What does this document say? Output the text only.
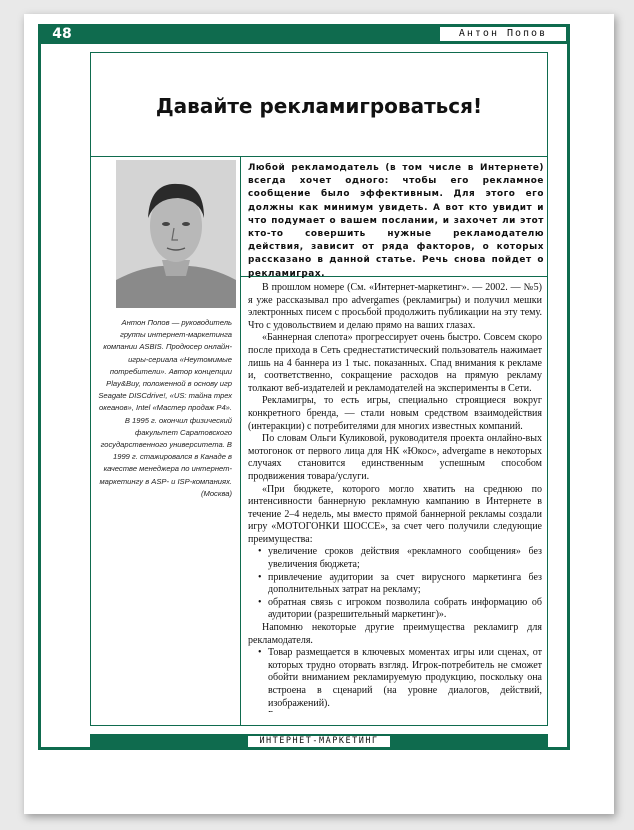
48	Антон Попов
Давайте рекламигроваться!
Антон Попов — руководитель группы интернет-маркетинга компании ASBIS. Продюсер онлайн-игры-сериала «Неутомимые потребители». Автор концепции Play&Buy, положенной в основу игр Seagate DISCdrive!, «US: тайна трех океанов», Intel «Мастер продаж P4». В 1995 г. окончил физический факультет Саратовского государственного университета. В 1999 г. стажировался в Канаде в качестве менеджера по интернет-маркетингу в ASP- и ISP-компаниях. (Москва)
Любой рекламодатель (в том числе в Интернете) всегда хочет одного: чтобы его рекламное сообщение было эффективным. Для этого его должны как минимум увидеть. А вот кто увидит и что подумает о вашем послании, и захочет ли этот кто-то совершить нужные рекламодателю действия, зависит от ряда факторов, о которых рассказано в данной статье. Речь снова пойдет о рекламиграх.

В прошлом номере (См. «Интернет-маркетинг». — 2002. — №5) я уже рассказывал про advergames (рекламигры) и получил мешки электронных писем с просьбой продолжить публикации на эту тему. Что с удовольствием и делаю прямо на ваших глазах.

«Баннерная слепота» прогрессирует очень быстро. Совсем скоро после прихода в Сеть среднестатистический пользователь нажимает лишь на 4 баннера из 1 тыс. показанных. Спад внимания к рекламе и, соответственно, сокращение расходов на прямую рекламу толкают веб-издателей и рекламодателей на эксперименты в Сети.

Рекламигры, то есть игры, специально строящиеся вокруг конкретного бренда, — стали новым средством взаимодействия (интеракции) с потребителями для многих известных компаний.

По словам Ольги Куликовой, руководителя проекта онлайно-вых мотогонок от первого лица для НК «Юкос», advergame в некоторых случаях становится единственным успешным способом продвижения товара/услуги.

«При бюджете, которого могло хватить на среднюю по интенсивности баннерную рекламную кампанию в Интернете в течение 2–4 недель, мы вместо прямой баннерной рекламы создали игру «МОТОГОНКИ ШОССЕ», за счет чего получили следующие преимущества:

• увеличение сроков действия «рекламного сообщения» без увеличения бюджета;
• привлечение аудитории за счет вирусного маркетинга без дополнительных затрат на рекламу;
• обратная связь с игроком позволила собрать информацию об аудитории (разрешительный маркетинг)».

Напомню некоторые другие преимущества рекламигр для рекламодателя.

• Товар размещается в ключевых моментах игры или сценах, от которых трудно оторвать взгляд. Игрок-потребитель не сможет обойти вниманием рекламируемую продукцию, поскольку она встроена в сценарий (на уровне диалогов, действий, изображений).
•
ИНТЕРНЕТ-МАРКЕТИНГ
